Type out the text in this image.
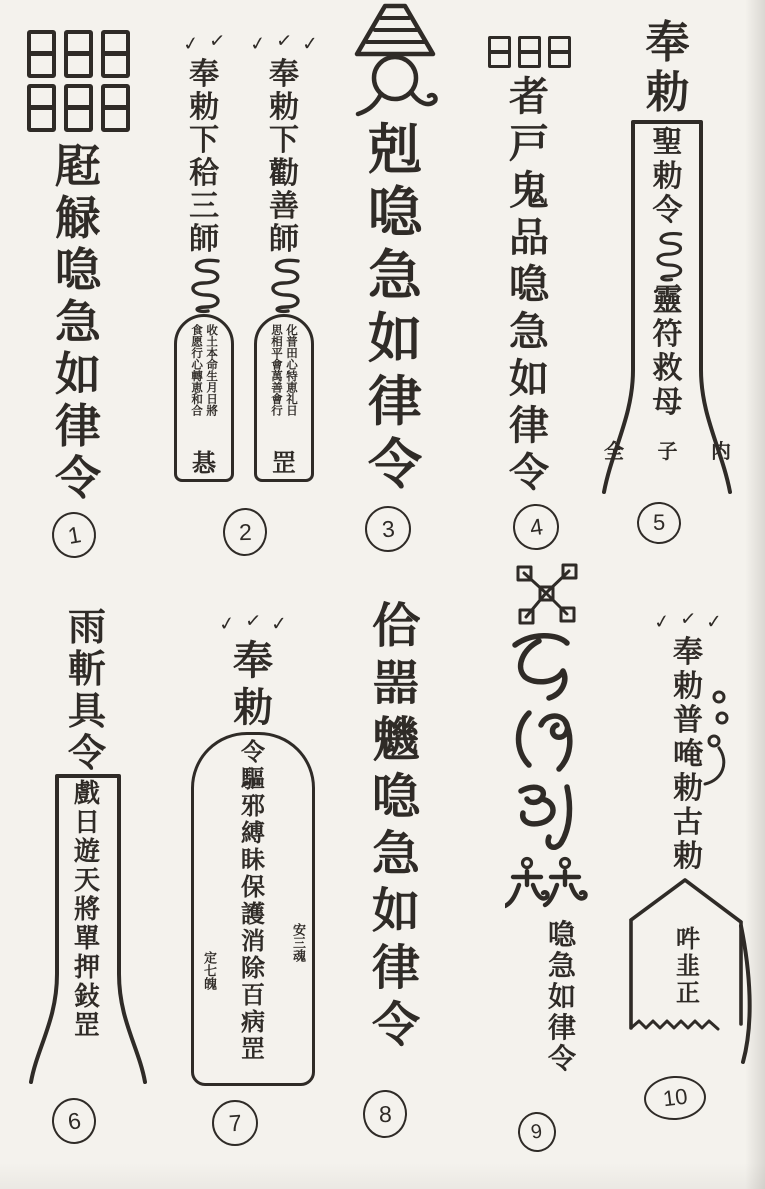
屘
觮
喼
急
如
律
令
✓ ✓
奉
勅
下
秴
三
師
收土本命生月日將
食愿行心轉恵和合
惎
✓ ✓ ✓
奉
勅
下
勸
善
師
化普田心特恵礼日
思相平會萬善會行
罡
剋
喼
急
如
律
令
者
戸
鬼
品
喼
急
如
律
令
奉
勅
聖
勅
令
靈
符
救
母
全 子 内
雨
斬
具
令
戲
日
遊
天
將
單
押
鈙
罡
✓ ✓ ✓
奉
勅
令
驅
邪
縛
眛
保
護
消
除
百
病
罡
安三魂
定七魄
佮
噐
魕
喼
急
如
律
令
喼
急
如
律
令
✓ ✓ ✓
奉
勅
普
唵
勅
古
勅
吽
韭
正
1	2	3	4	5
6	7	8
9
10
